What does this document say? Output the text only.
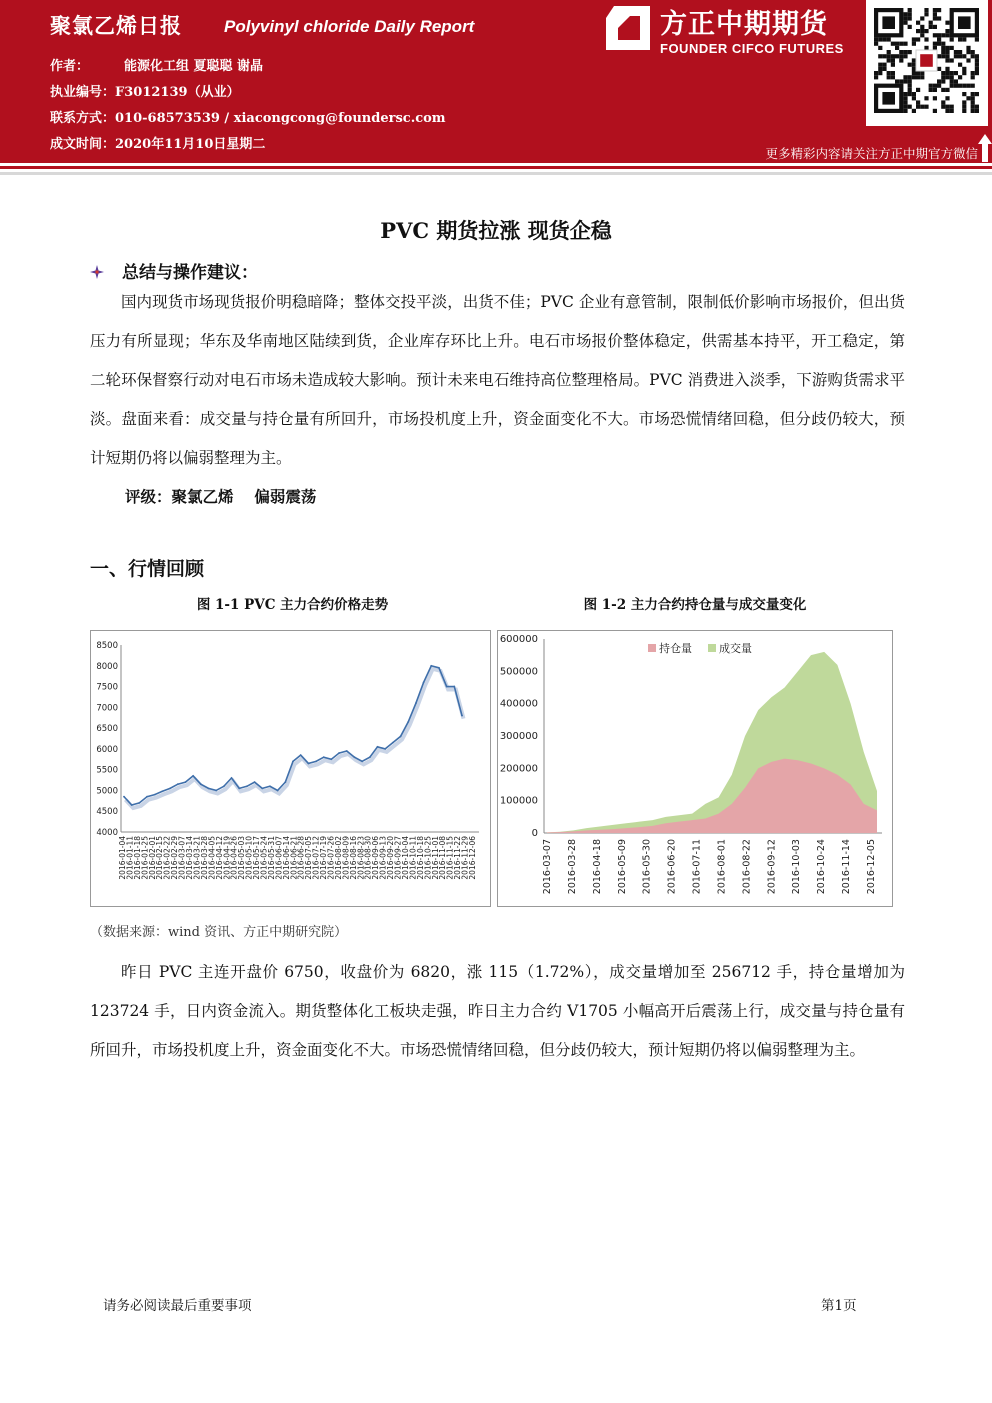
聚氯乙烯日报 Polyvinyl chloride Daily Report
作者：	能源化工组 夏聪聪 谢晶
执业编号：F3012139（从业）
联系方式：010-68573539 / xiacongcong@foundersc.com
成文时间：2020年11月10日星期二
方正中期期货
FOUNDER CIFCO FUTURES
更多精彩内容请关注方正中期官方微信
PVC 期货拉涨 现货企稳
总结与操作建议：
国内现货市场现货报价明稳暗降；整体交投平淡，出货不佳；PVC 企业有意管制，限制低价影响市场报价，但出货压力有所显现；华东及华南地区陆续到货，企业库存环比上升。电石市场报价整体稳定，供需基本持平，开工稳定，第二轮环保督察行动对电石市场未造成较大影响。预计未来电石维持高位整理格局。PVC 消费进入淡季，下游购货需求平淡。盘面来看：成交量与持仓量有所回升，市场投机度上升，资金面变化不大。市场恐慌情绪回稳，但分歧仍较大，预计短期仍将以偏弱整理为主。
评级：聚氯乙烯　 偏弱震荡
一、行情回顾
图 1-1 PVC 主力合约价格走势	图 1-2 主力合约持仓量与成交量变化
4000
4500
5000
5500
6000
6500
7000
7500
8000
8500
2016-01-04
2016-01-11
2016-01-18
2016-01-25
2016-02-01
2016-02-15
2016-02-22
2016-02-29
2016-03-07
2016-03-14
2016-03-21
2016-03-28
2016-04-05
2016-04-12
2016-04-19
2016-04-26
2016-05-03
2016-05-10
2016-05-17
2016-05-24
2016-05-31
2016-06-07
2016-06-14
2016-06-21
2016-06-28
2016-07-05
2016-07-12
2016-07-19
2016-07-26
2016-08-02
2016-08-09
2016-08-16
2016-08-23
2016-08-30
2016-09-06
2016-09-13
2016-09-20
2016-09-27
2016-10-04
2016-10-11
2016-10-18
2016-10-25
2016-11-01
2016-11-08
2016-11-15
2016-11-22
2016-11-29
2016-12-06
0
100000
200000
300000
400000
500000
600000
2016-03-07 2016-03-28 2016-04-18 2016-05-09 2016-05-30 2016-06-20 2016-07-11 2016-08-01 2016-08-22 2016-09-12 2016-10-03 2016-10-24 2016-11-14 2016-12-05
持仓量 成交量
（数据来源：wind 资讯、方正中期研究院）
昨日 PVC 主连开盘价 6750，收盘价为 6820，涨 115（1.72%），成交量增加至 256712 手，持仓量增加为 123724 手，日内资金流入。期货整体化工板块走强，昨日主力合约 V1705 小幅高开后震荡上行，成交量与持仓量有所回升，市场投机度上升，资金面变化不大。市场恐慌情绪回稳，但分歧仍较大，预计短期仍将以偏弱整理为主。
请务必阅读最后重要事项	第1页
